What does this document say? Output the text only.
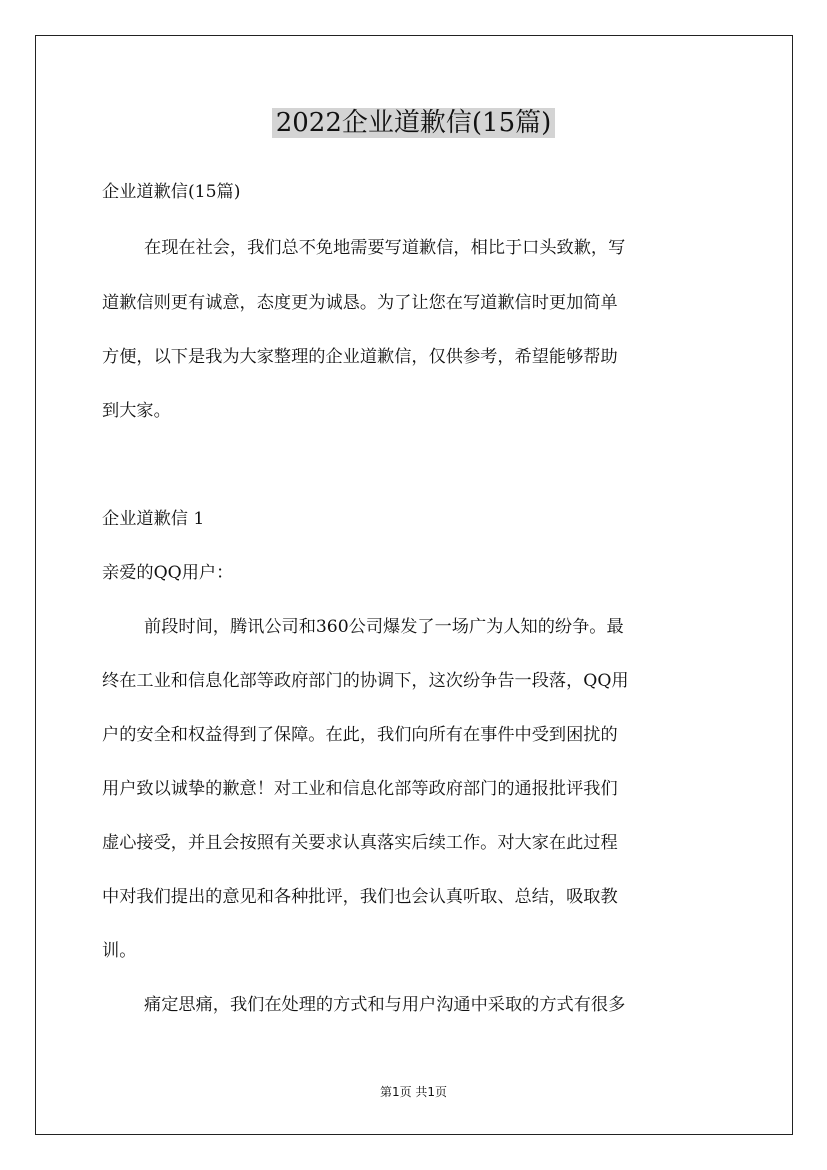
2022企业道歉信(15篇)
企业道歉信(15篇)
在现在社会，我们总不免地需要写道歉信，相比于口头致歉，写
道歉信则更有诚意，态度更为诚恳。为了让您在写道歉信时更加简单
方便，以下是我为大家整理的企业道歉信，仅供参考，希望能够帮助
到大家。
企业道歉信 1
亲爱的QQ用户：
前段时间，腾讯公司和360公司爆发了一场广为人知的纷争。最
终在工业和信息化部等政府部门的协调下，这次纷争告一段落，QQ用
户的安全和权益得到了保障。在此，我们向所有在事件中受到困扰的
用户致以诚挚的歉意！对工业和信息化部等政府部门的通报批评我们
虚心接受，并且会按照有关要求认真落实后续工作。对大家在此过程
中对我们提出的意见和各种批评，我们也会认真听取、总结，吸取教
训。
痛定思痛，我们在处理的方式和与用户沟通中采取的方式有很多
第1页 共1页
